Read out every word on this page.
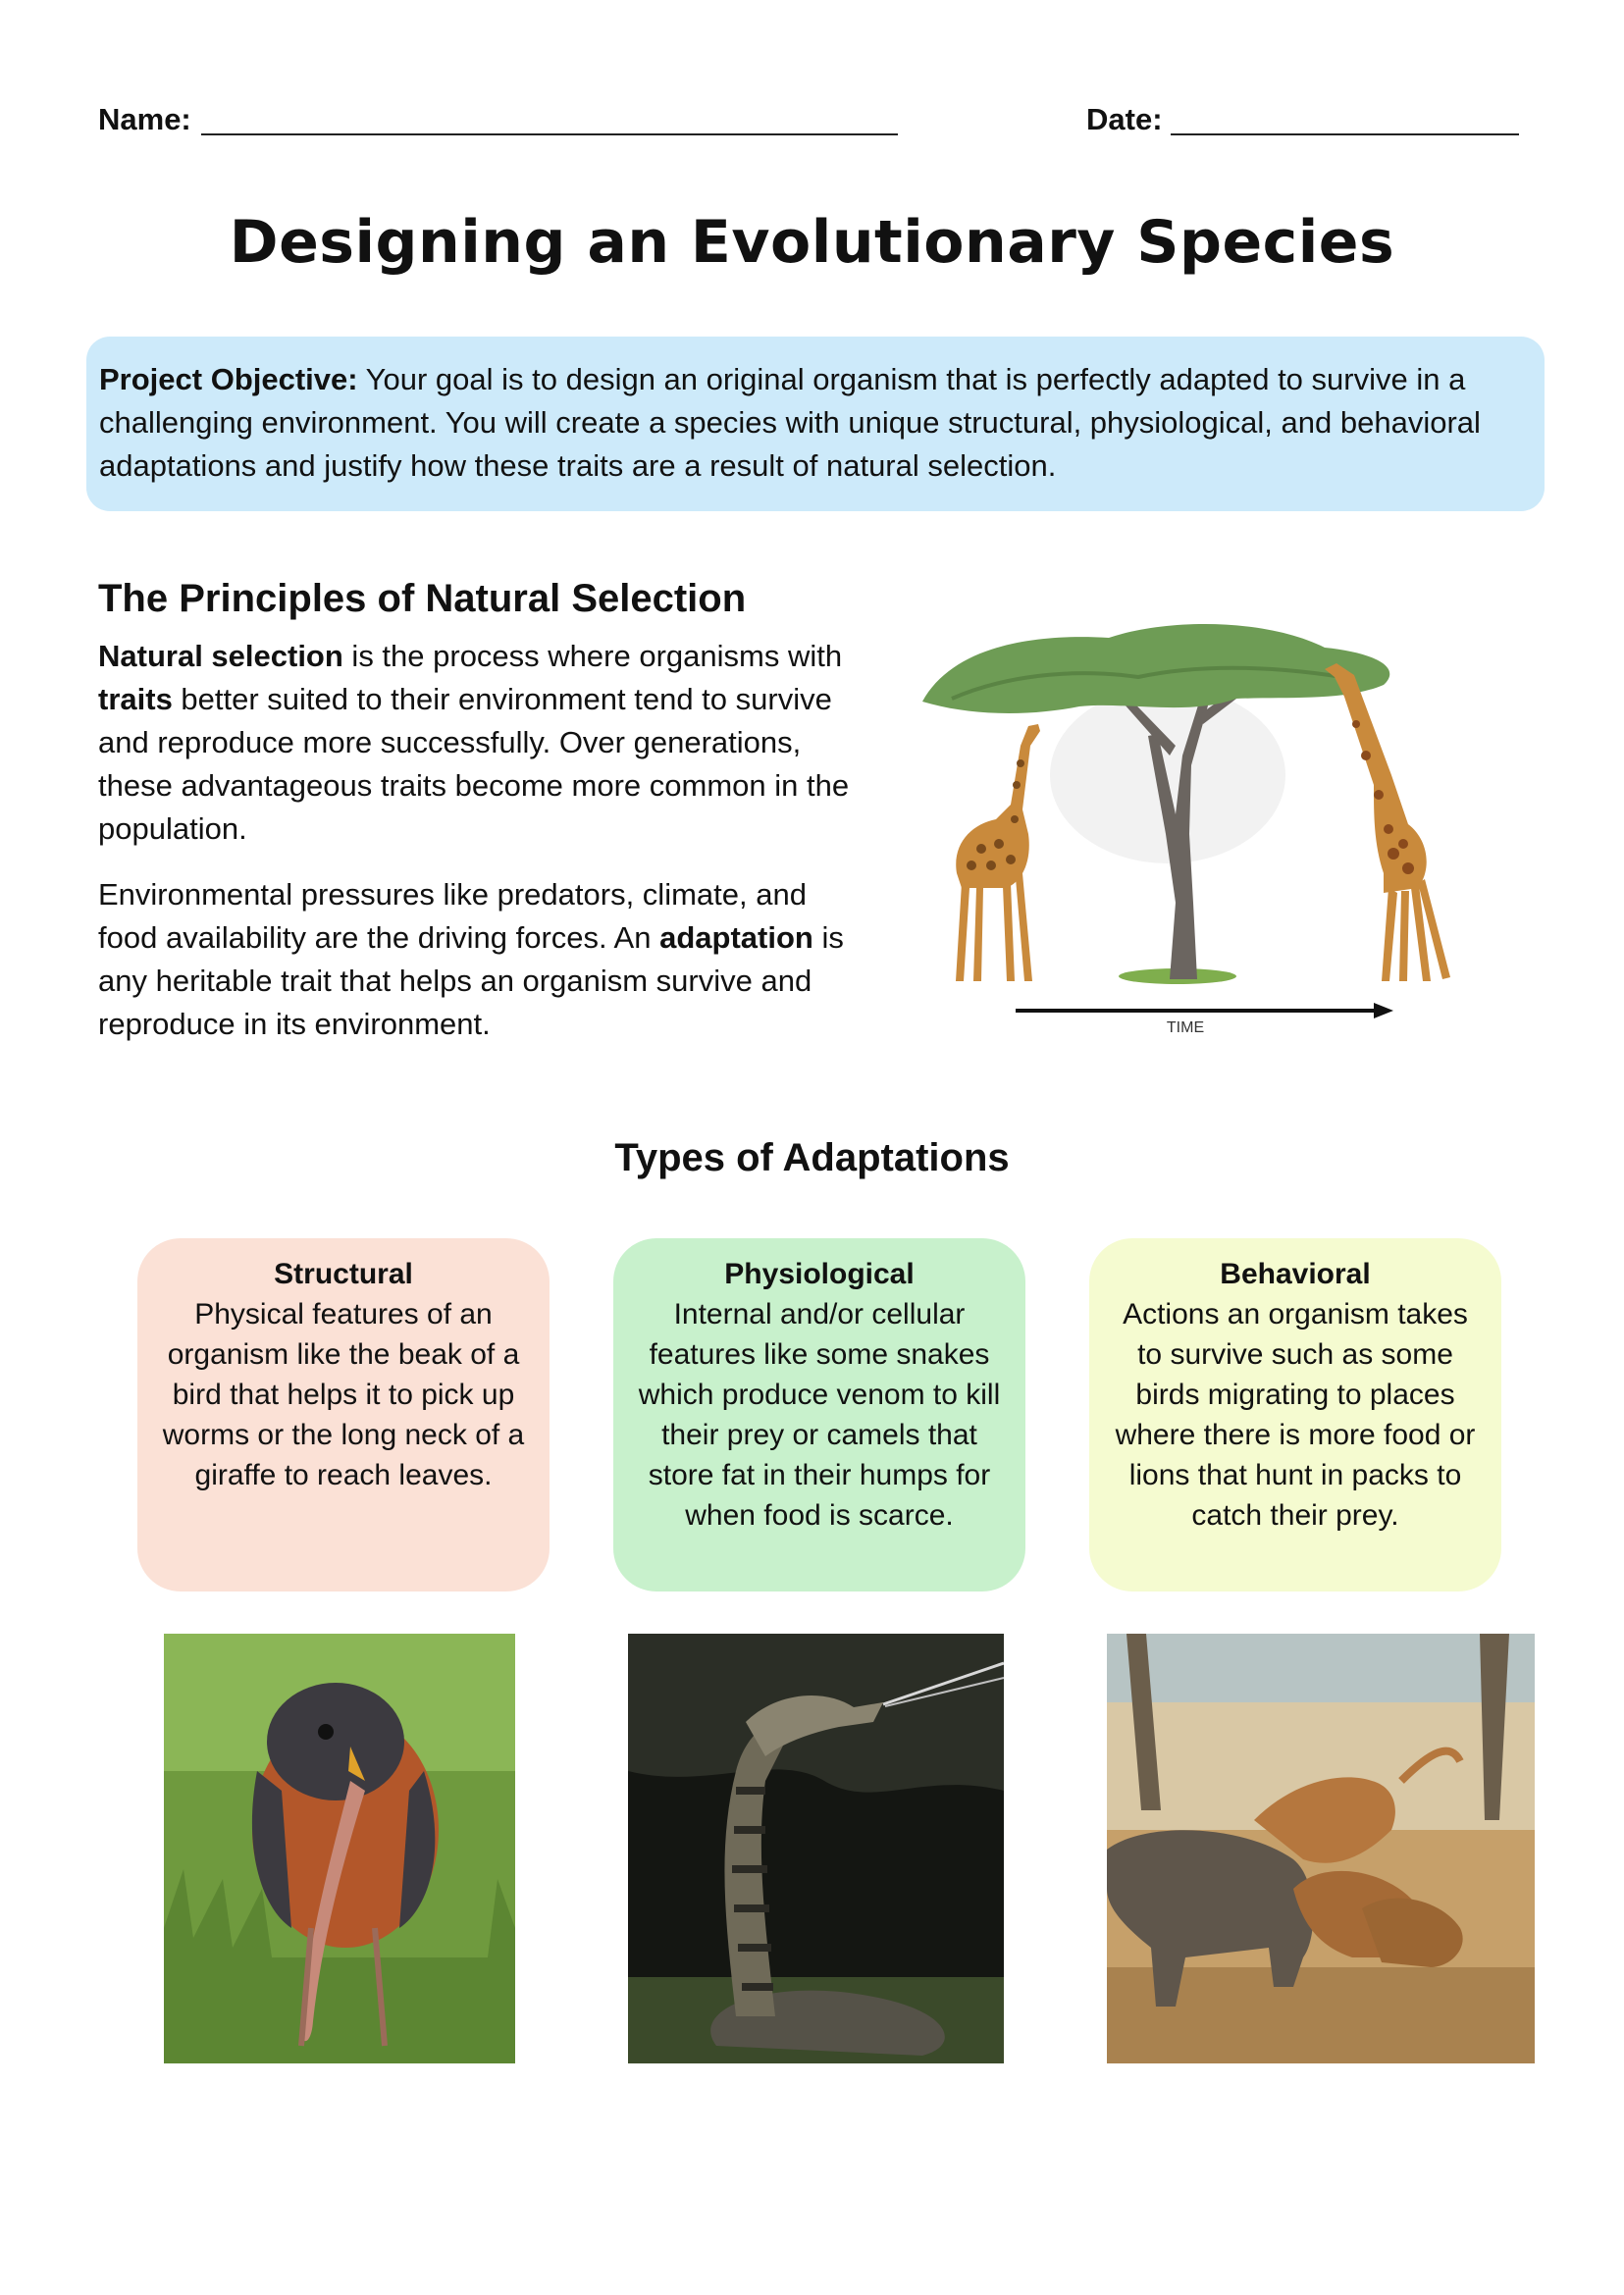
Name:	Date:
Designing an Evolutionary Species
Project Objective: Your goal is to design an original organism that is perfectly adapted to survive in a challenging environment. You will create a species with unique structural, physiological, and behavioral adaptations and justify how these traits are a result of natural selection.
The Principles of Natural Selection
Natural selection is the process where organisms with traits better suited to their environment tend to survive and reproduce more successfully. Over generations, these advantageous traits become more common in the population.
Environmental pressures like predators, climate, and food availability are the driving forces. An adaptation is any heritable trait that helps an organism survive and reproduce in its environment.	TIME
Types of Adaptations
Structural
Physical features of an organism like the beak of a bird that helps it to pick up worms or the long neck of a giraffe to reach leaves.
Physiological
Internal and/or cellular features like some snakes which produce venom to kill their prey or camels that store fat in their humps for when food is scarce.
Behavioral
Actions an organism takes to survive such as some birds migrating to places where there is more food or lions that hunt in packs to catch their prey.
